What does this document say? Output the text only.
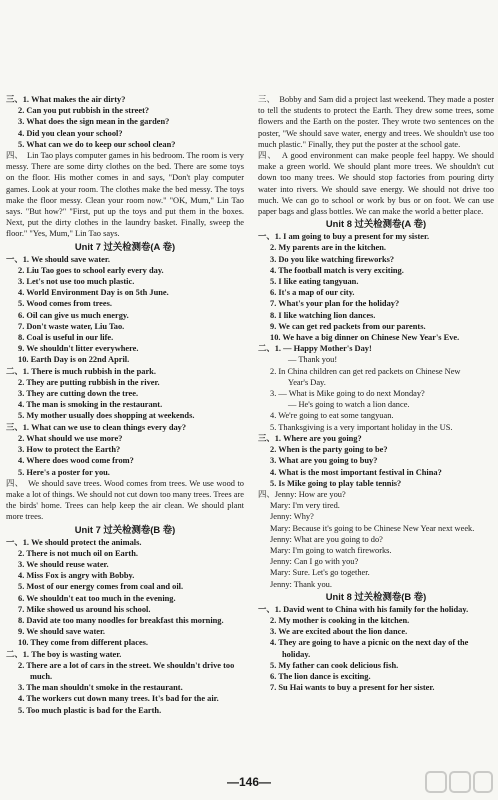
三、1. What makes the air dirty?
2. Can you put rubbish in the street?
3. What does the sign mean in the garden?
4. Did you clean your school?
5. What can we do to keep our school clean?
四、　Lin Tao plays computer games in his bedroom. The room is very messy. There are some dirty clothes on the bed. There are some toys on the floor. His mother comes in and says, "Don't play computer games. Look at your room. The clothes make the bed messy. The toys make the floor messy. Clean your room now." "OK, Mum," Lin Tao says. "But how?" "First, put up the toys and put them in the boxes. Next, put the dirty clothes in the laundry basket. Finally, sweep the floor." "Yes, Mum," Lin Tao says.
Unit 7 过关检测卷(A 卷)
一、1. We should save water.
2. Liu Tao goes to school early every day.
3. Let's not use too much plastic.
4. World Environment Day is on 5th June.
5. Wood comes from trees.
6. Oil can give us much energy.
7. Don't waste water, Liu Tao.
8. Coal is useful in our life.
9. We shouldn't litter everywhere.
10. Earth Day is on 22nd April.
二、1. There is much rubbish in the park.
2. They are putting rubbish in the river.
3. They are cutting down the tree.
4. The man is smoking in the restaurant.
5. My mother usually does shopping at weekends.
三、1. What can we use to clean things every day?
2. What should we use more?
3. How to protect the Earth?
4. Where does wood come from?
5. Here's a poster for you.
四、　We should save trees. Wood comes from trees. We use wood to make a lot of things. We should not cut down too many trees. Trees are the birds' home. Trees can help keep the air clean. We should plant more trees.
Unit 7 过关检测卷(B 卷)
一、1. We should protect the animals.
2. There is not much oil on Earth.
3. We should reuse water.
4. Miss Fox is angry with Bobby.
5. Most of our energy comes from coal and oil.
6. We shouldn't eat too much in the evening.
7. Mike showed us around his school.
8. David ate too many noodles for breakfast this morning.
9. We should save water.
10. They come from different places.
二、1. The boy is wasting water.
2. There are a lot of cars in the street. We shouldn't drive too
much.
3. The man shouldn't smoke in the restaurant.
4. The workers cut down many trees. It's bad for the air.
5. Too much plastic is bad for the Earth.
三、　Bobby and Sam did a project last weekend. They made a poster to tell the students to protect the Earth. They drew some trees, some flowers and the Earth on the poster. They wrote two sentences on the poster, "We should save water, energy and trees. We shouldn't use too much plastic." Finally, they put the poster at the school gate.
四、　A good environment can make people feel happy. We should make a green world. We should plant more trees. We shouldn't cut down too many trees. We should stop factories from pouring dirty water into rivers. We should save energy. We should not drive too much. We can go to school or work by bus or on foot. We can use paper bags and glass bottles. We can make the world a better place.
Unit 8 过关检测卷(A 卷)
一、1. I am going to buy a present for my sister.
2. My parents are in the kitchen.
3. Do you like watching fireworks?
4. The football match is very exciting.
5. I like eating tangyuan.
6. It's a map of our city.
7. What's your plan for the holiday?
8. I like watching lion dances.
9. We can get red packets from our parents.
10. We have a big dinner on Chinese New Year's Eve.
二、1. — Happy Mother's Day!
— Thank you!
2. In China children can get red packets on Chinese New
Year's Day.
3. — What is Mike going to do next Monday?
— He's going to watch a lion dance.
4. We're going to eat some tangyuan.
5. Thanksgiving is a very important holiday in the US.
三、1. Where are you going?
2. When is the party going to be?
3. What are you going to buy?
4. What is the most important festival in China?
5. Is Mike going to play table tennis?
四、Jenny: How are you?
Mary: I'm very tired.
Jenny: Why?
Mary: Because it's going to be Chinese New Year next week.
Jenny: What are you going to do?
Mary: I'm going to watch fireworks.
Jenny: Can I go with you?
Mary: Sure. Let's go together.
Jenny: Thank you.
Unit 8 过关检测卷(B 卷)
一、1. David went to China with his family for the holiday.
2. My mother is cooking in the kitchen.
3. We are excited about the lion dance.
4. They are going to have a picnic on the next day of the
holiday.
5. My father can cook delicious fish.
6. The lion dance is exciting.
7. Su Hai wants to buy a present for her sister.
—146—
